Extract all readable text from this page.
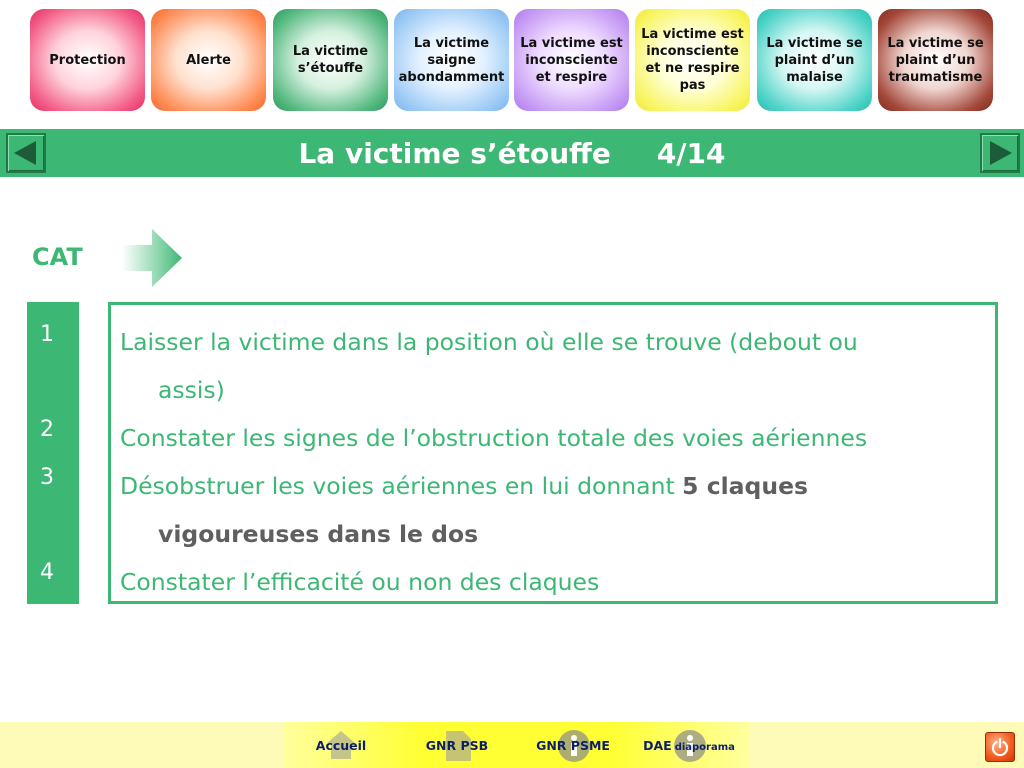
Protection	Alerte
La victime s’étouffe
La victime saigne abondamment
La victime est inconsciente et respire
La victime est inconsciente et ne respire pas
La victime se plaint d’un malaise
La victime se plaint d’un traumatisme
La victime s’étouffe 4/14
CAT
1
2
3
4
Laisser la victime dans la position où elle se trouve (debout ou
assis)
Constater les signes de l’obstruction totale des voies aériennes
Désobstruer les voies aériennes en lui donnant 5 claques
vigoureuses dans le dos
Constater l’efficacité ou non des claques
Accueil	GNR PSB	GNR PSME	DAE diaporama
